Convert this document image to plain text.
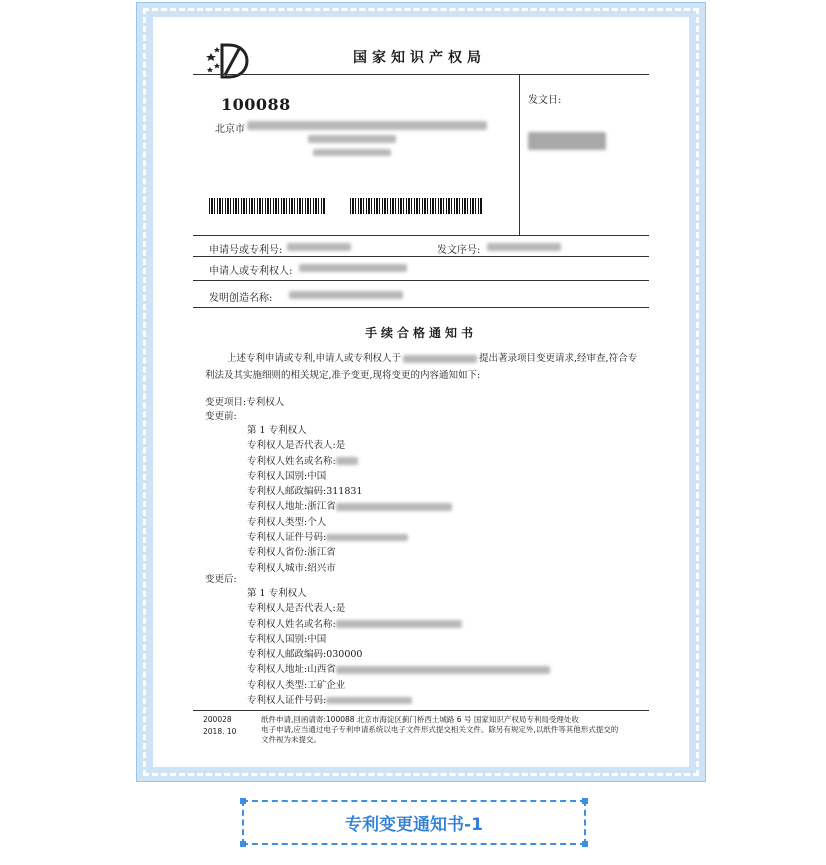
国家知识产权局
100088
北京市
发文日:
申请号或专利号:	发文序号:
申请人或专利权人:
发明创造名称:
手续合格通知书
上述专利申请或专利,申请人或专利权人于	提出著录项目变更请求,经审查,符合专利法及其实施细则的相关规定,准予变更,现将变更的内容通知如下:
变更项目:专利权人
变更前:
第 1 专利权人
专利权人是否代表人:是
专利权人姓名或名称:
专利权人国别:中国
专利权人邮政编码:311831
专利权人地址:浙江省
专利权人类型:个人
专利权人证件号码:
专利权人省份:浙江省
专利权人城市:绍兴市
变更后:
第 1 专利权人
专利权人是否代表人:是
专利权人姓名或名称:
专利权人国别:中国
专利权人邮政编码:030000
专利权人地址:山西省
专利权人类型:工矿企业
专利权人证件号码:
200028
2018. 10
纸件申请,回函请寄:100088 北京市海淀区蓟门桥西土城路 6 号 国家知识产权局专利局受理处收
电子申请,应当通过电子专利申请系统以电子文件形式提交相关文件。除另有规定外,以纸件等其他形式提交的
文件视为未提交。
专利变更通知书-1
